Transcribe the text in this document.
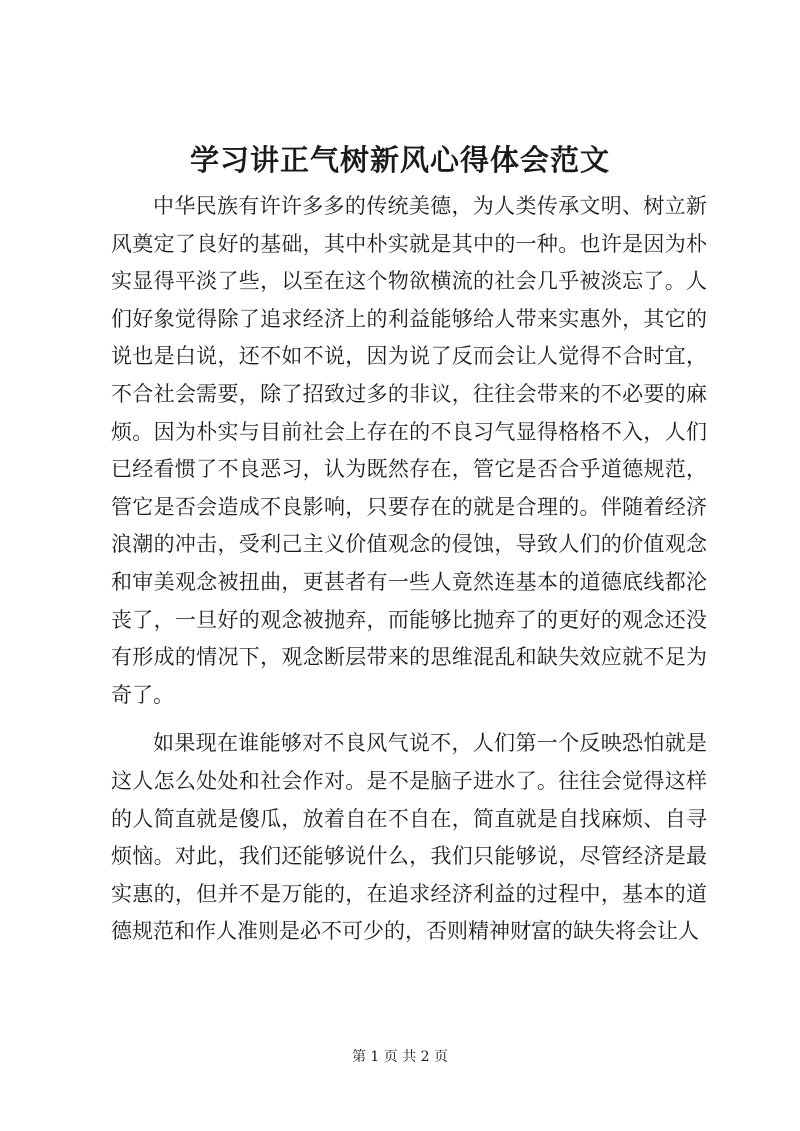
学习讲正气树新风心得体会范文

中华民族有许许多多的传统美德，为人类传承文明、树立新风奠定了良好的基础，其中朴实就是其中的一种。也许是因为朴实显得平淡了些，以至在这个物欲横流的社会几乎被淡忘了。人们好象觉得除了追求经济上的利益能够给人带来实惠外，其它的说也是白说，还不如不说，因为说了反而会让人觉得不合时宜，不合社会需要，除了招致过多的非议，往往会带来的不必要的麻烦。因为朴实与目前社会上存在的不良习气显得格格不入，人们已经看惯了不良恶习，认为既然存在，管它是否合乎道德规范，管它是否会造成不良影响，只要存在的就是合理的。伴随着经济浪潮的冲击，受利己主义价值观念的侵蚀，导致人们的价值观念和审美观念被扭曲，更甚者有一些人竟然连基本的道德底线都沦丧了，一旦好的观念被抛弃，而能够比抛弃了的更好的观念还没有形成的情况下，观念断层带来的思维混乱和缺失效应就不足为奇了。

如果现在谁能够对不良风气说不，人们第一个反映恐怕就是这人怎么处处和社会作对。是不是脑子进水了。往往会觉得这样的人简直就是傻瓜，放着自在不自在，简直就是自找麻烦、自寻烦恼。对此，我们还能够说什么，我们只能够说，尽管经济是最实惠的，但并不是万能的，在追求经济利益的过程中，基本的道德规范和作人准则是必不可少的，否则精神财富的缺失将会让人

第 1 页 共 2 页
